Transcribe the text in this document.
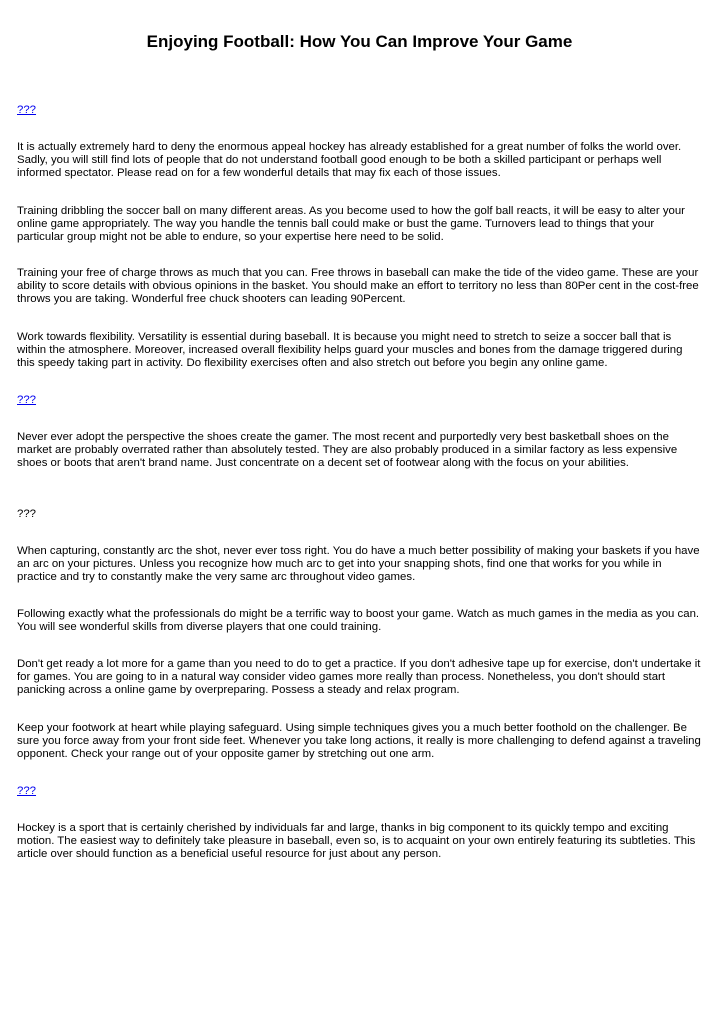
Enjoying Football: How You Can Improve Your Game
???

It is actually extremely hard to deny the enormous appeal hockey has already established for a great number of folks the world over. Sadly, you will still find lots of people that do not understand football good enough to be both a skilled participant or perhaps well informed spectator. Please read on for a few wonderful details that may fix each of those issues.

Training dribbling the soccer ball on many different areas. As you become used to how the golf ball reacts, it will be easy to alter your online game appropriately. The way you handle the tennis ball could make or bust the game. Turnovers lead to things that your particular group might not be able to endure, so your expertise here need to be solid.

Training your free of charge throws as much that you can. Free throws in baseball can make the tide of the video game. These are your ability to score details with obvious opinions in the basket. You should make an effort to territory no less than 80Per cent in the cost-free throws you are taking. Wonderful free chuck shooters can leading 90Percent.

Work towards flexibility. Versatility is essential during baseball. It is because you might need to stretch to seize a soccer ball that is within the atmosphere. Moreover, increased overall flexibility helps guard your muscles and bones from the damage triggered during this speedy taking part in activity. Do flexibility exercises often and also stretch out before you begin any online game.

???

Never ever adopt the perspective the shoes create the gamer. The most recent and purportedly very best basketball shoes on the market are probably overrated rather than absolutely tested. They are also probably produced in a similar factory as less expensive shoes or boots that aren't brand name. Just concentrate on a decent set of footwear along with the focus on your abilities.

???

When capturing, constantly arc the shot, never ever toss right. You do have a much better possibility of making your baskets if you have an arc on your pictures. Unless you recognize how much arc to get into your snapping shots, find one that works for you while in practice and try to constantly make the very same arc throughout video games.

Following exactly what the professionals do might be a terrific way to boost your game. Watch as much games in the media as you can. You will see wonderful skills from diverse players that one could training.

Don't get ready a lot more for a game than you need to do to get a practice. If you don't adhesive tape up for exercise, don't undertake it for games. You are going to in a natural way consider video games more really than process. Nonetheless, you don't should start panicking across a online game by overpreparing. Possess a steady and relax program.

Keep your footwork at heart while playing safeguard. Using simple techniques gives you a much better foothold on the challenger. Be sure you force away from your front side feet. Whenever you take long actions, it really is more challenging to defend against a traveling opponent. Check your range out of your opposite gamer by stretching out one arm.

???

Hockey is a sport that is certainly cherished by individuals far and large, thanks in big component to its quickly tempo and exciting motion. The easiest way to definitely take pleasure in baseball, even so, is to acquaint on your own entirely featuring its subtleties. This article over should function as a beneficial useful resource for just about any person.
